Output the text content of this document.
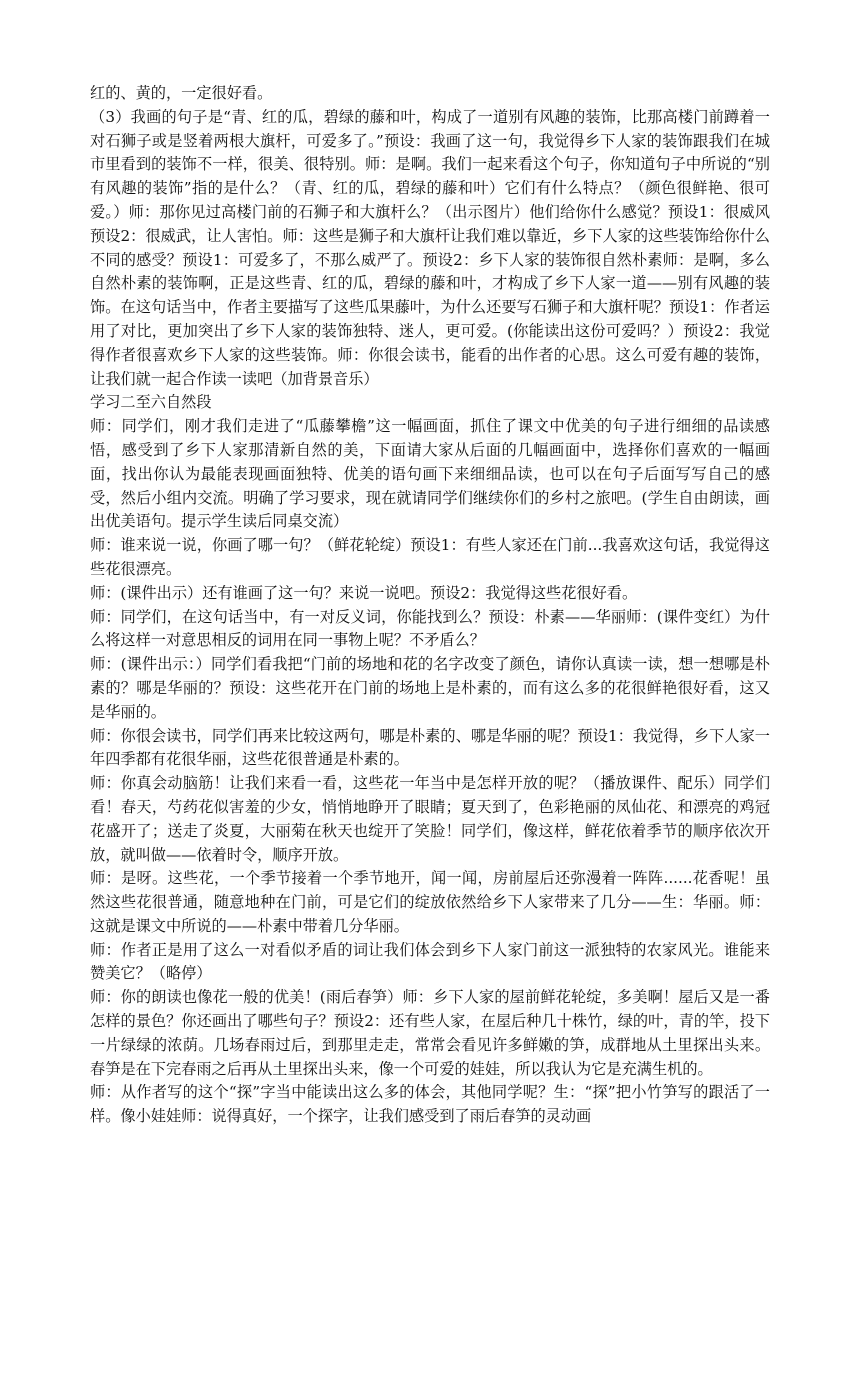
红的、黄的，一定很好看。

（3）我画的句子是“青、红的瓜，碧绿的藤和叶，构成了一道别有风趣的装饰，比那高楼门前蹲着一对石狮子或是竖着两根大旗杆，可爱多了。”预设：我画了这一句，我觉得乡下人家的装饰跟我们在城市里看到的装饰不一样，很美、很特别。师：是啊。我们一起来看这个句子，你知道句子中所说的“别有风趣的装饰”指的是什么？（青、红的瓜，碧绿的藤和叶）它们有什么特点？（颜色很鲜艳、很可爱。）师：那你见过高楼门前的石狮子和大旗杆么？（出示图片）他们给你什么感觉？预设1：很威风　预设2：很威武，让人害怕。师：这些是狮子和大旗杆让我们难以靠近，乡下人家的这些装饰给你什么不同的感受？预设1：可爱多了，不那么威严了。预设2：乡下人家的装饰很自然朴素师：是啊，多么自然朴素的装饰啊，正是这些青、红的瓜，碧绿的藤和叶，才构成了乡下人家一道——别有风趣的装饰。在这句话当中，作者主要描写了这些瓜果藤叶，为什么还要写石狮子和大旗杆呢？预设1：作者运用了对比，更加突出了乡下人家的装饰独特、迷人，更可爱。(你能读出这份可爱吗？）预设2：我觉得作者很喜欢乡下人家的这些装饰。师：你很会读书，能看的出作者的心思。这么可爱有趣的装饰，让我们就一起合作读一读吧（加背景音乐）

学习二至六自然段

师：同学们，刚才我们走进了“瓜藤攀檐”这一幅画面，抓住了课文中优美的句子进行细细的品读感悟，感受到了乡下人家那清新自然的美，下面请大家从后面的几幅画面中，选择你们喜欢的一幅画面，找出你认为最能表现画面独特、优美的语句画下来细细品读，也可以在句子后面写写自己的感受，然后小组内交流。明确了学习要求，现在就请同学们继续你们的乡村之旅吧。(学生自由朗读，画出优美语句。提示学生读后同桌交流）

师：谁来说一说，你画了哪一句？（鲜花轮绽）预设1：有些人家还在门前...我喜欢这句话，我觉得这些花很漂亮。

师：(课件出示）还有谁画了这一句？来说一说吧。预设2：我觉得这些花很好看。

师：同学们，在这句话当中，有一对反义词，你能找到么？预设：朴素——华丽师：(课件变红）为什么将这样一对意思相反的词用在同一事物上呢？不矛盾么？

师：(课件出示：）同学们看我把“门前的场地和花的名字改变了颜色，请你认真读一读，想一想哪是朴素的？哪是华丽的？预设：这些花开在门前的场地上是朴素的，而有这么多的花很鲜艳很好看，这又是华丽的。

师：你很会读书，同学们再来比较这两句，哪是朴素的、哪是华丽的呢？预设1：我觉得，乡下人家一年四季都有花很华丽，这些花很普通是朴素的。

师：你真会动脑筋！让我们来看一看，这些花一年当中是怎样开放的呢？（播放课件、配乐）同学们看！春天，芍药花似害羞的少女，悄悄地睁开了眼睛；夏天到了，色彩艳丽的凤仙花、和漂亮的鸡冠花盛开了；送走了炎夏，大丽菊在秋天也绽开了笑脸！同学们，像这样，鲜花依着季节的顺序依次开放，就叫做——依着时令，顺序开放。

师：是呀。这些花，一个季节接着一个季节地开，闻一闻，房前屋后还弥漫着一阵阵......花香呢！虽然这些花很普通，随意地种在门前，可是它们的绽放依然给乡下人家带来了几分——生：华丽。师：这就是课文中所说的——朴素中带着几分华丽。

师：作者正是用了这么一对看似矛盾的词让我们体会到乡下人家门前这一派独特的农家风光。谁能来赞美它？（略停）

师：你的朗读也像花一般的优美！(雨后春笋）师：乡下人家的屋前鲜花轮绽，多美啊！屋后又是一番怎样的景色？你还画出了哪些句子？预设2：还有些人家，在屋后种几十株竹，绿的叶，青的竿，投下一片绿绿的浓荫。几场春雨过后，到那里走走，常常会看见许多鲜嫩的笋，成群地从土里探出头来。春笋是在下完春雨之后再从土里探出头来，像一个可爱的娃娃，所以我认为它是充满生机的。

师：从作者写的这个“探”字当中能读出这么多的体会，其他同学呢？生：“探”把小竹笋写的跟活了一样。像小娃娃师：说得真好，一个探字，让我们感受到了雨后春笋的灵动画
